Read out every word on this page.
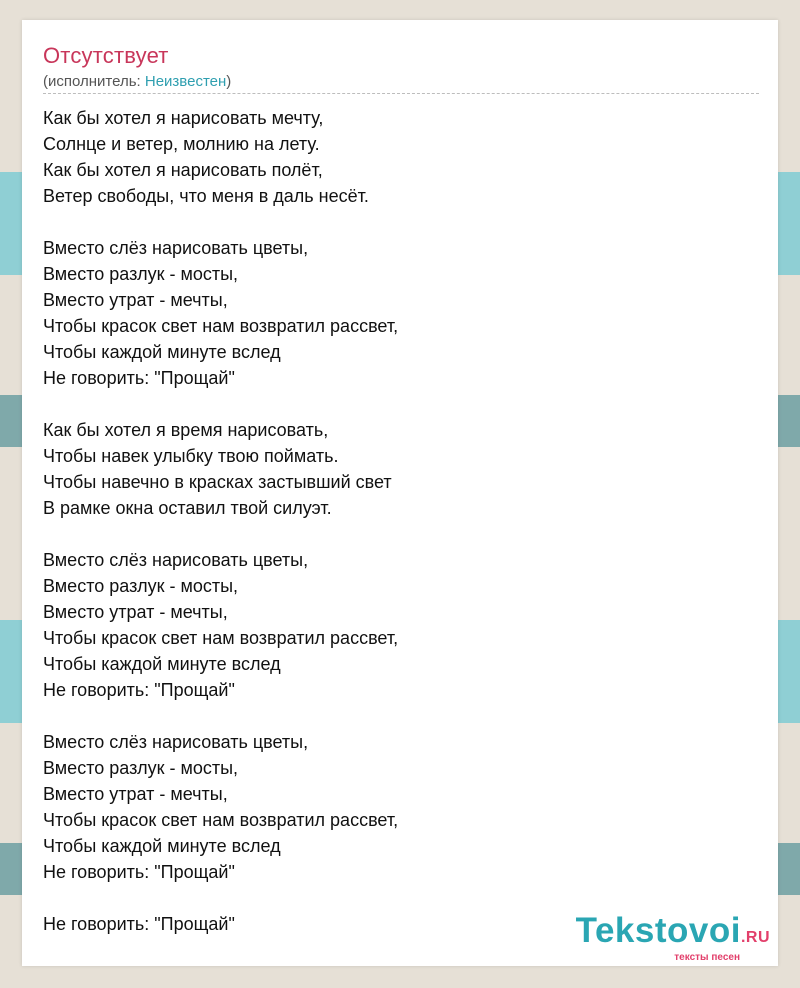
Отсутствует
(исполнитель: Неизвестен)
Как бы хотел я нарисовать мечту,
Солнце и ветер, молнию на лету.
Как бы хотел я нарисовать полёт,
Ветер свободы, что меня в даль несёт.
Вместо слёз нарисовать цветы,
Вместо разлук - мосты,
Вместо утрат - мечты,
Чтобы красок свет нам возвратил рассвет,
Чтобы каждой минуте вслед
Не говорить: "Прощай"
Как бы хотел я время нарисовать,
Чтобы навек улыбку твою поймать.
Чтобы навечно в красках застывший свет
В рамке окна оставил твой силуэт.
Вместо слёз нарисовать цветы,
Вместо разлук - мосты,
Вместо утрат - мечты,
Чтобы красок свет нам возвратил рассвет,
Чтобы каждой минуте вслед
Не говорить: "Прощай"
Вместо слёз нарисовать цветы,
Вместо разлук - мосты,
Вместо утрат - мечты,
Чтобы красок свет нам возвратил рассвет,
Чтобы каждой минуте вслед
Не говорить: "Прощай"
Не говорить: "Прощай"	Tekstovoi.RU
тексты песен
